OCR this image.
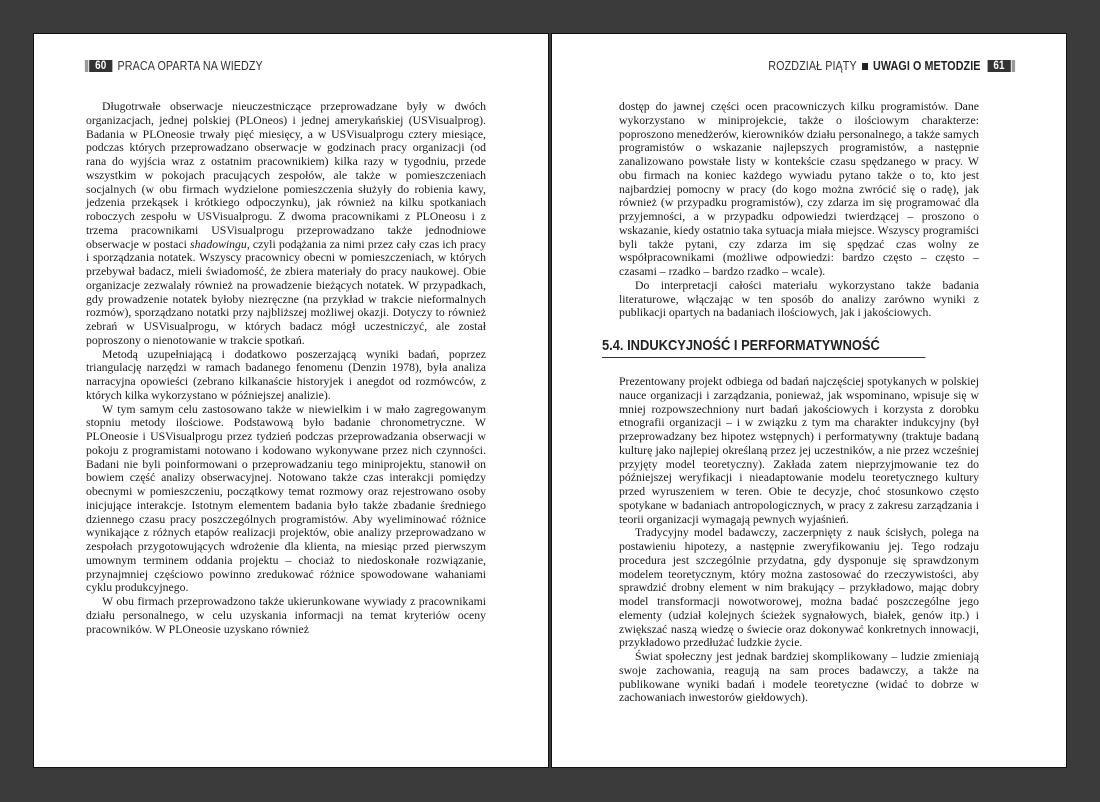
60 PRACA OPARTA NA WIEDZY

Długotrwałe obserwacje nieuczestniczące przeprowadzane były w dwóch organizacjach, jednej polskiej (PLOneos) i jednej amerykańskiej (USVisualprog). Badania w PLOneosie trwały pięć miesięcy, a w USVisualprogu cztery miesiące, podczas których przeprowadzano obserwacje w godzinach pracy organizacji (od rana do wyjścia wraz z ostatnim pracownikiem) kilka razy w tygodniu, przede wszystkim w pokojach pracujących zespołów, ale także w pomieszczeniach socjalnych (w obu firmach wydzielone pomieszczenia służyły do robienia kawy, jedzenia przekąsek i krótkiego odpoczynku), jak również na kilku spotkaniach roboczych zespołu w USVisualprogu. Z dwoma pracownikami z PLOneosu i z trzema pracownikami USVisualprogu przeprowadzano także jednodniowe obserwacje w postaci shadowingu, czyli podążania za nimi przez cały czas ich pracy i sporządzania notatek. Wszyscy pracownicy obecni w pomieszczeniach, w których przebywał badacz, mieli świadomość, że zbiera materiały do pracy naukowej. Obie organizacje zezwalały również na prowadzenie bieżących notatek. W przypadkach, gdy prowadzenie notatek byłoby niezręczne (na przykład w trakcie nieformalnych rozmów), sporządzano notatki przy najbliższej możliwej okazji. Dotyczy to również zebrań w USVisualprogu, w których badacz mógł uczestniczyć, ale został poproszony o nienotowanie w trakcie spotkań.

Metodą uzupełniającą i dodatkowo poszerzającą wyniki badań, poprzez triangulację narzędzi w ramach badanego fenomenu (Denzin 1978), była analiza narracyjna opowieści (zebrano kilkanaście historyjek i anegdot od rozmówców, z których kilka wykorzystano w późniejszej analizie).

W tym samym celu zastosowano także w niewielkim i w mało zagregowanym stopniu metody ilościowe. Podstawową było badanie chronometryczne. W PLOneosie i USVisualprogu przez tydzień podczas przeprowadzania obserwacji w pokoju z programistami notowano i kodowano wykonywane przez nich czynności. Badani nie byli poinformowani o przeprowadzaniu tego miniprojektu, stanowił on bowiem część analizy obserwacyjnej. Notowano także czas interakcji pomiędzy obecnymi w pomieszczeniu, początkowy temat rozmowy oraz rejestrowano osoby inicjujące interakcje. Istotnym elementem badania było także zbadanie średniego dziennego czasu pracy poszczególnych programistów. Aby wyeliminować różnice wynikające z różnych etapów realizacji projektów, obie analizy przeprowadzano w zespołach przygotowujących wdrożenie dla klienta, na miesiąc przed pierwszym umownym terminem oddania projektu – chociaż to niedoskonałe rozwiązanie, przynajmniej częściowo powinno zredukować różnice spowodowane wahaniami cyklu produkcyjnego.

W obu firmach przeprowadzono także ukierunkowane wywiady z pracownikami działu personalnego, w celu uzyskania informacji na temat kryteriów oceny pracowników. W PLOneosie uzyskano również

ROZDZIAŁ PIĄTY UWAGI O METODZIE	61

dostęp do jawnej części ocen pracowniczych kilku programistów. Dane wykorzystano w miniprojekcie, także o ilościowym charakterze: poproszono menedżerów, kierowników działu personalnego, a także samych programistów o wskazanie najlepszych programistów, a następnie zanalizowano powstałe listy w kontekście czasu spędzanego w pracy. W obu firmach na koniec każdego wywiadu pytano także o to, kto jest najbardziej pomocny w pracy (do kogo można zwrócić się o radę), jak również (w przypadku programistów), czy zdarza im się programować dla przyjemności, a w przypadku odpowiedzi twierdzącej – proszono o wskazanie, kiedy ostatnio taka sytuacja miała miejsce. Wszyscy programiści byli także pytani, czy zdarza im się spędzać czas wolny ze współpracownikami (możliwe odpowiedzi: bardzo często – często – czasami – rzadko – bardzo rzadko – wcale).

Do interpretacji całości materiału wykorzystano także badania literaturowe, włączając w ten sposób do analizy zarówno wyniki z publikacji opartych na badaniach ilościowych, jak i jakościowych.

5.4. INDUKCYJNOŚĆ I PERFORMATYWNOŚĆ

Prezentowany projekt odbiega od badań najczęściej spotykanych w polskiej nauce organizacji i zarządzania, ponieważ, jak wspominano, wpisuje się w mniej rozpowszechniony nurt badań jakościowych i korzysta z dorobku etnografii organizacji – i w związku z tym ma charakter indukcyjny (był przeprowadzany bez hipotez wstępnych) i performatywny (traktuje badaną kulturę jako najlepiej określaną przez jej uczestników, a nie przez wcześniej przyjęty model teoretyczny). Zakłada zatem nieprzyjmowanie tez do późniejszej weryfikacji i nieadaptowanie modelu teoretycznego kultury przed wyruszeniem w teren. Obie te decyzje, choć stosunkowo często spotykane w badaniach antropologicznych, w pracy z zakresu zarządzania i teorii organizacji wymagają pewnych wyjaśnień.

Tradycyjny model badawczy, zaczerpnięty z nauk ścisłych, polega na postawieniu hipotezy, a następnie zweryfikowaniu jej. Tego rodzaju procedura jest szczególnie przydatna, gdy dysponuje się sprawdzonym modelem teoretycznym, który można zastosować do rzeczywistości, aby sprawdzić drobny element w nim brakujący – przykładowo, mając dobry model transformacji nowotworowej, można badać poszczególne jego elementy (udział kolejnych ścieżek sygnałowych, białek, genów itp.) i zwiększać naszą wiedzę o świecie oraz dokonywać konkretnych innowacji, przykładowo przedłużać ludzkie życie.

Świat społeczny jest jednak bardziej skomplikowany – ludzie zmieniają swoje zachowania, reagują na sam proces badawczy, a także na publikowane wyniki badań i modele teoretyczne (widać to dobrze w zachowaniach inwestorów giełdowych).
